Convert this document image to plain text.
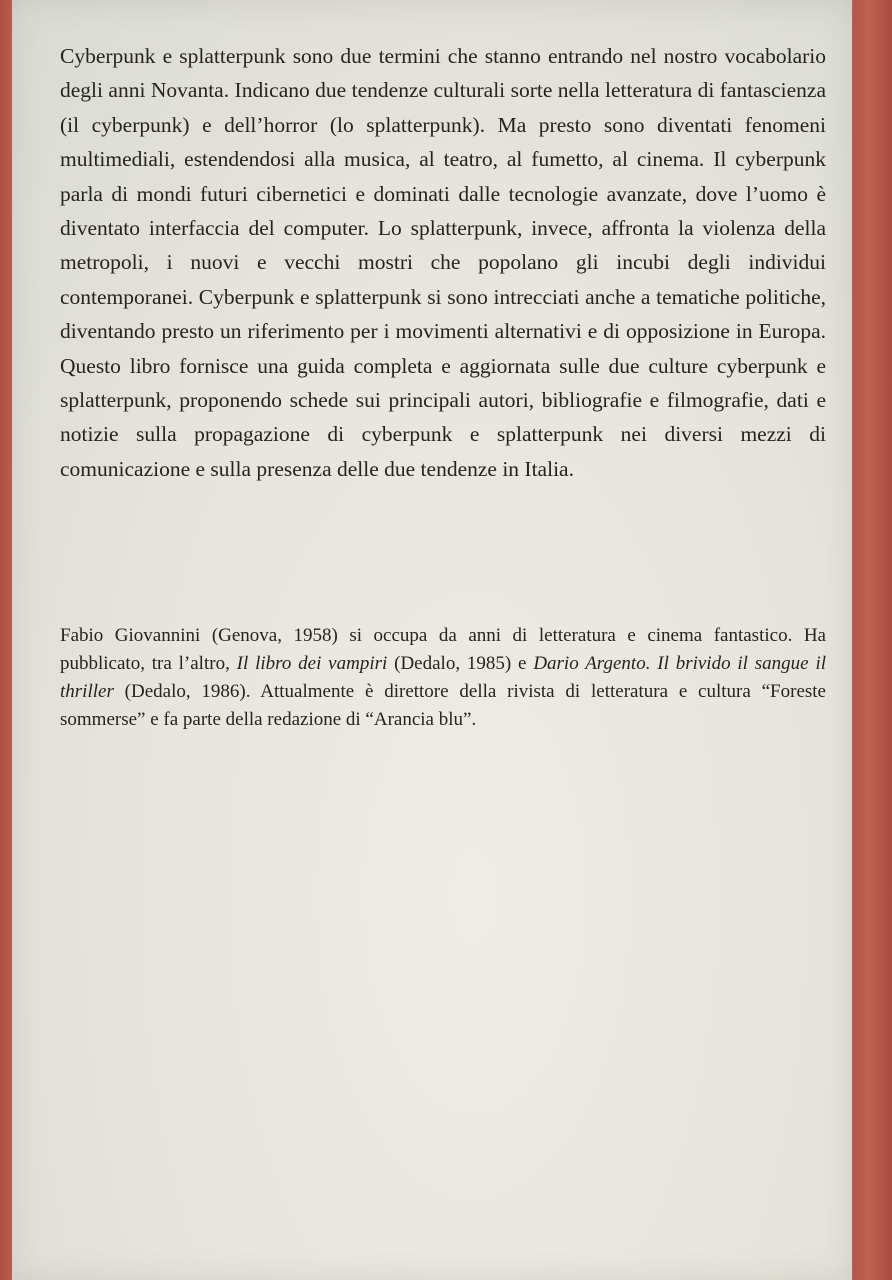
Cyberpunk e splatterpunk sono due termini che stanno entrando nel nostro vocabolario degli anni Novanta. Indicano due tendenze culturali sorte nella letteratura di fantascienza (il cyberpunk) e dell’horror (lo splatterpunk). Ma presto sono diventati fenomeni multimediali, estendendosi alla musica, al teatro, al fumetto, al cinema. Il cyberpunk parla di mondi futuri cibernetici e dominati dalle tecnologie avanzate, dove l’uomo è diventato interfaccia del computer. Lo splatterpunk, invece, affronta la violenza della metropoli, i nuovi e vecchi mostri che popolano gli incubi degli individui contemporanei. Cyberpunk e splatterpunk si sono intrecciati anche a tematiche politiche, diventando presto un riferimento per i movimenti alternativi e di opposizione in Europa. Questo libro fornisce una guida completa e aggiornata sulle due culture cyberpunk e splatterpunk, proponendo schede sui principali autori, bibliografie e filmografie, dati e notizie sulla propagazione di cyberpunk e splatterpunk nei diversi mezzi di comunicazione e sulla presenza delle due tendenze in Italia.

Fabio Giovannini (Genova, 1958) si occupa da anni di letteratura e cinema fantastico. Ha pubblicato, tra l’altro, Il libro dei vampiri (Dedalo, 1985) e Dario Argento. Il brivido il sangue il thriller (Dedalo, 1986). Attualmente è direttore della rivista di letteratura e cultura “Foreste sommerse” e fa parte della redazione di “Arancia blu”.
